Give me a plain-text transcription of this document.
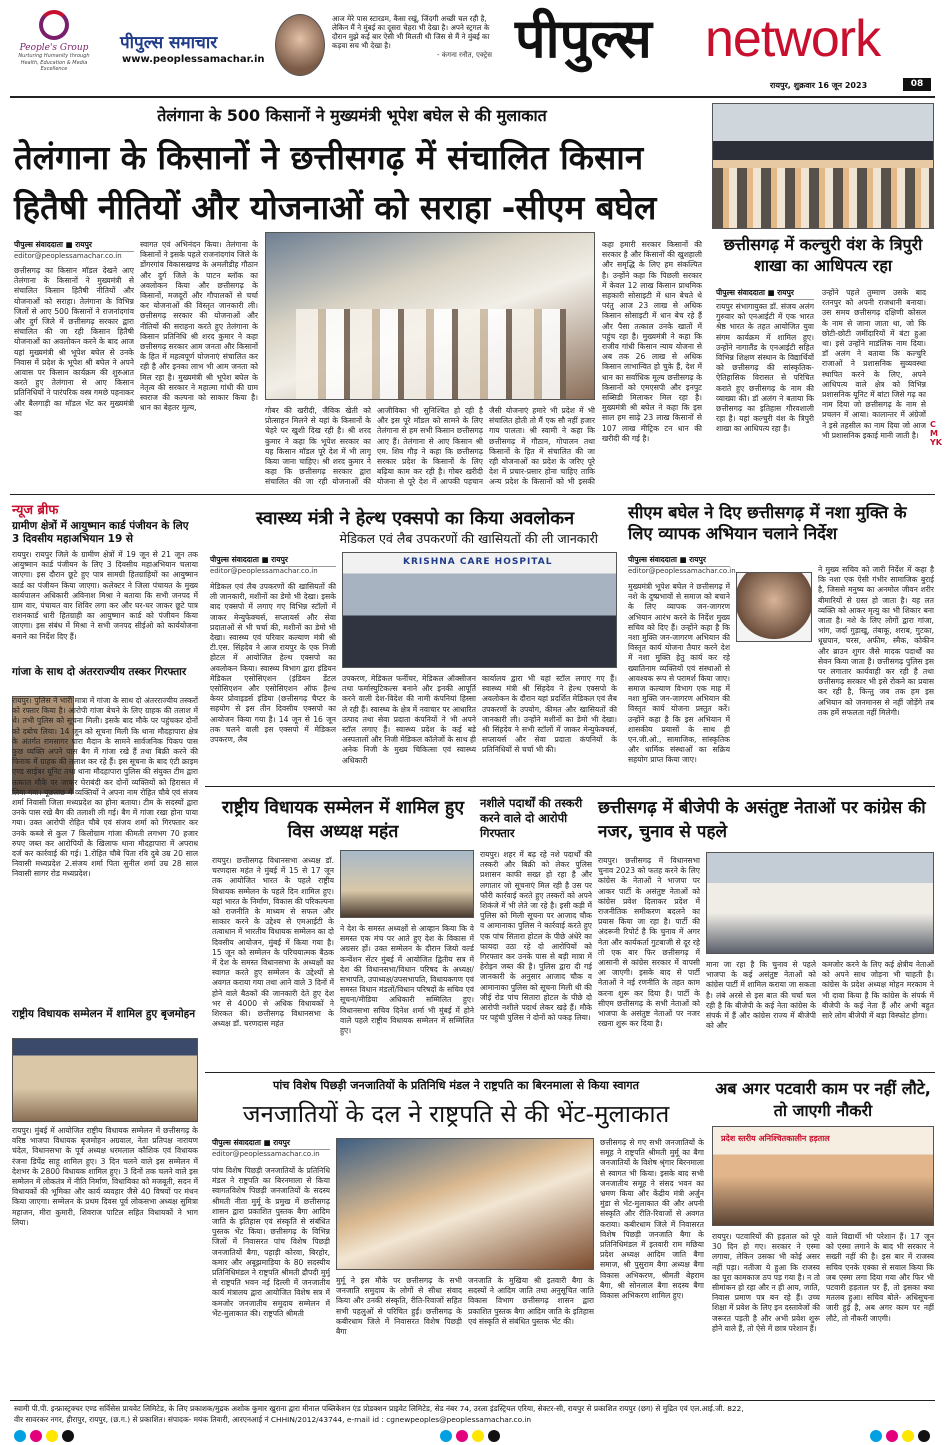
People's Group
Nurturing Humanity through Health, Education & Media Excellence
पीपुल्स समाचार
www.peoplessamachar.in
आज मेरे पास स्टारडम, कैसा रखूं, जिंदगी अच्छी चल रही है, लेकिन मैं ने मुंबई का दूसरा चेहरा भी देखा है। अपने स्ट्रगल के दौरान मुझे कई बार ऐसी भी मिलती थी जिस से मैं ने मुंबई का कड़वा सच भी देखा है।
- कंगना रनौत, एक्ट्रेस पीपुल्स network
रायपुर, शुक्रवार 16 जून 2023	08
तेलंगाना के 500 किसानों ने मुख्यमंत्री भूपेश बघेल से की मुलाकात
तेलंगाना के किसानों ने छत्तीसगढ़ में संचालित किसान
हितैषी नीतियों और योजनाओं को सराहा -सीएम बघेल
पीपुल्स संवाददाता ■ रायपुर
editor@peoplessamachar.co.in
छत्तीसगढ़ का किसान मॉडल देखने आए तेलंगाना के किसानों ने मुख्यमंत्री से संचालित किसान हितैषी नीतियों और योजनाओं को सराहा। तेलंगाना के विभिन्न जिलों से आए 500 किसानों ने राजनांदगांव और दुर्ग जिले में छत्तीसगढ़ सरकार द्वारा संचालित की जा रही किसान हितैषी योजनाओं का अवलोकन करने के बाद आज यहां मुख्यमंत्री श्री भूपेश बघेल से उनके निवास में प्रदेश के भूपेश श्री बघेल ने अपने आवास पर किसान कार्यक्रम की शुरुआत करते हुए तेलंगाना से आए किसान प्रतिनिधियों ने पारंपरिक वस्त्र गमछे पहनाकर और बैलगाड़ी का मॉडल भेंट कर मुख्यमंत्री का
स्वागत एवं अभिनंदन किया। तेलंगाना के किसानों ने इसके पहले राजनांदगांव जिले के डोंगरगांव विकासखण्ड के अमलीडीह गौठान और दुर्ग जिले के पाटन ब्लॉक का अवलोकन किया और छत्तीसगढ़ के किसानों, मजदूरों और गौपालकों से चर्चा कर योजनाओं की विस्तृत जानकारी ली। छत्तीसगढ़ सरकार की योजनाओं और नीतियों की सराहना करते हुए तेलंगाना के किसान प्रतिनिधि श्री शरद कुमार ने कहा छत्तीसगढ़ सरकार आम जनता और किसानों के हित में महत्वपूर्ण योजनाएं संचालित कर रही है और इनका लाभ भी आम जनता को मिल रहा है। मुख्यमंत्री श्री भूपेश बघेल के नेतृत्व की सरकार ने महात्मा गांधी की ग्राम स्वराज की कल्पना को साकार किया है। धान का बेहतर मूल्य,	गोबर की खरीदी, जैविक खेती को प्रोत्साहन मिलने से यहां के किसानों के चेहरे पर खुशी दिख रही है। श्री शरद कुमार ने कहा कि भूपेश सरकार का यह किसान मॉडल पूरे देश में भी लागू किया जाना चाहिए। श्री शरद कुमार ने कहा कि छत्तीसगढ़ सरकार द्वारा संचालित की जा रही योजनाओं की
आजीविका भी सुनिश्चित हो रही है और इस पूरे मॉडल को सामने के लिए तेलंगाना से हम सभी किसान छत्तीसगढ़ आए हैं। तेलंगाना से आए किसान श्री एम. शिव गौड़ ने कहा कि छत्तीसगढ़ सरकार प्रदेश के किसानों के लिए बढ़िया काम कर रही है। गोबर खरीदी योजना से पूरे देश में आपकी पहचान
जैसी योजनाएं हमारे भी प्रदेश में भी संचालित होती तो मैं एक सौ नहीं हजार गाय पालता। श्री स्वामी ने कहा कि छत्तीसगढ़ में गौठान, गोपालन तथा किसानों के हित में संचालित की जा रही योजनाओं का प्रदेश के जरिए पूरे देश में प्रचार-प्रसार होना चाहिए ताकि अन्य प्रदेश के किसानों को भी इसकी
कहा हमारी सरकार किसानों की सरकार है और किसानों की खुशहाली और समृद्धि के लिए हम संकल्पित है। उन्होंने कहा कि पिछली सरकार में केवल 12 लाख किसान प्राथमिक सहकारी सोसाइटी में धान बेचते थे परंतु आज 23 लाख से अधिक किसान सोसाइटी में धान बेच रहे हैं और पैसा तत्काल उनके खातों में पहुंच रहा है। मुख्यमंत्री ने कहा कि राजीव गांधी किसान न्याय योजना से अब तक 26 लाख से अधिक किसान लाभान्वित हो चुके हैं, देश में धान का सर्वाधिक मूल्य छत्तीसगढ़ के किसानों को एमएसपी और इनपुट सब्सिडी मिलाकर मिल रहा है। मुख्यमंत्री श्री बघेल ने कहा कि इस साल हम साढ़े 23 लाख किसानों से 107 लाख मीट्रिक टन धान की खरीदी की गई है।
छत्तीसगढ़ में कल्चुरी वंश के त्रिपुरी शाखा का आधिपत्य रहा
पीपुल्स संवाददाता ■ रायपुर
रायपुर संभागायुक्त डॉ. संजय अलंग गुरुवार को एनआईटी में एक भारत श्रेष्ठ भारत के तहत आयोजित युवा संगम कार्यक्रम में शामिल हुए। उन्होंने नागालैंड के एनआईटी सहित विभिन्न शिक्षण संस्थान के विद्यार्थियों को छत्तीसगढ़ की सांस्कृतिक-ऐतिहासिक विरासत से परिचित कराते हुए छत्तीसगढ़ के नाम की व्याख्या की। डॉ अलंग ने बताया कि छत्तीसगढ़ का इतिहास गौरवशाली रहा है। यहां कल्चुरी वंश के त्रिपुरी शाखा का आधिपत्य रहा है।
उन्होंने पहले तुम्माण उसके बाद रतनपुर को अपनी राजधानी बनाया। उस समय छत्तीसगढ़ दक्षिणी कोसल के नाम से जाना जाता था, जो कि छोटी-छोटी जमींदारियों में बंटा हुआ था। इसे उन्होंने माडंलिक नाम दिया। डॉ अलंग ने बताया कि कल्चुरि राजाओं ने प्रशासनिक सुव्यवस्था स्थापित करने के लिए, अपने आधिपत्य वाले क्षेत्र को विभिन्न प्रशासनिक यूनिट में बांटा जिसे गढ़ का नाम दिया जो छत्तीसगढ़ के नाम से प्रचलन में आया। कालान्तर में अंग्रेजों ने इसे तहसील का नाम दिया जो आज भी प्रशासनिक इकाई मानी जाती है।
न्यूज ब्रीफ
ग्रामीण क्षेत्रों में आयुष्मान कार्ड पंजीयन के लिए 3 दिवसीय महाअभियान 19 से
रायपुर। रायपुर जिले के ग्रामीण क्षेत्रों में 19 जून से 21 जून तक आयुष्मान कार्ड पंजीयन के लिए 3 दिवसीय महाअभियान चलाया जाएगा। इस दौरान छूटे हुए पात्र सामग्री हितग्राहियों का आयुष्मान कार्ड का पंजीयन किया जाएगा। कलेक्टर ने जिला पंचायत के मुख्य कार्यपालन अधिकारी अविनाश मिश्रा ने बताया कि सभी जनपद में ग्राम वार, पंचायत वार शिविर लगा कर और घर-घर जाकर छूटे पात्र राशनकार्ड धारी हितग्राही का आयुष्मान कार्ड को पंजीयन किया जाएगा। इस संबंध में मिश्रा ने सभी जनपद सीईओ को कार्ययोजना बनाने का निर्देश दिए हैं।
गांजा के साथ दो अंतरराज्यीय तस्कर गिरफ्तार
रायपुर। पुलिस ने भारी मात्रा में गांजा के साथ दो अंतरराज्यीय तस्करों को रफ्तार किया है। आरोपी गांजा बेचने के लिए ग्राहक की तलाश में थे। तभी पुलिस को सूचना मिली। इसके बाद मौके पर पहुंचकर दोनों को दबोच लिया। 14 जून को सूचना मिली कि थाना मौदहापारा क्षेत्र के अंतर्गत रामसागर पारा मैदान के सामने सार्वजनिक पिकप पास कुछ व्यक्ति अपने पास बैग में गांजा रखे हैं तथा बिक्री करने की फिराक में ग्राहक की तलाश कर रहे हैं। इस सूचना के बाद एंटी क्राइम एण्ड साईबर यूनिट तथा थाना मौदहापारा पुलिस की संयुक्त टीम द्वारा तत्काल मौके पर जाकर घेराबंदी कर दोनों व्यक्तियों को हिरासत में लिया गया। पूछताछ में व्यक्तियों ने अपना नाम रोहित चौबे एवं संजय शर्मा निवासी जिला मध्यप्रदेश का होना बताया। टीम के सदस्यों द्वारा उनके पास रखे बैग की तलाशी ली गई। बैग में गांजा रखा होना पाया गया। उक्त आरोपी रोहित चौबे एवं संजय शर्मा को गिरफ्तार कर उनके कब्जे से कुल 7 किलोग्राम गांजा कीमती लगभग 70 हजार रुपए जब्त कर आरोपियों के खिलाफ थाना मौदहापारा में अपराध दर्ज कर कार्रवाई की गई। 1.रोहित चौबे पिता रवि दुबे उम्र 20 साल निवासी मध्यप्रदेश 2.संजय शर्मा पिता सुनील शर्मा उम्र 28 साल निवासी सागर रोड मध्यप्रदेश।
राष्ट्रीय विधायक सम्मेलन में शामिल हुए बृजमोहन
रायपुर। मुंबई में आयोजित राष्ट्रीय विधायक सम्मेलन में छत्तीसगढ़ के वरिष्ठ भाजपा विधायक बृजमोहन अग्रवाल, नेता प्रतिपक्ष नारायण चंदेल, विधानसभा के पूर्व अध्यक्ष धरमलाल कौशिक एवं विधायक रंजना डिपेंद्र साहू शामिल हुए। 3 दिन चलने वाले इस सम्मेलन में देशभर के 2800 विधायक शामिल हुए। 3 दिनों तक चलने वाले इस सम्मेलन में लोकतंत्र में नीति निर्माण, विधायिका को मजबूती, सदन में विधायकों की भूमिका और कार्य व्यवहार जैसे 40 विषयों पर मंथन किया जाएगा। सम्मेलन के प्रथम दिवस पूर्व लोकसभा अध्यक्ष सुमित्रा महाजन, मीरा कुमारी, शिवराज पाटिल सहित विधायकों ने भाग लिया।
स्वास्थ्य मंत्री ने हेल्थ एक्सपो का किया अवलोकन
मेडिकल एवं लैब उपकरणों की खासियतों की ली जानकारी
पीपुल्स संवाददाता ■ रायपुर
editor@peoplessamachar.co.in
मेडिकल एवं लैब उपकरणों की खासियतों की ली जानकारी, मशीनों का डेमो भी देखा। इसके बाद एक्सपो में लगाए गए विभिन्न स्टॉलों में जाकर मेन्युफेक्चर्स, सप्लायर्स और सेवा प्रदाताओं से भी चर्चा की, मशीनों का डेमो भी देखा। स्वास्थ्य एवं परिवार कल्याण मंत्री श्री टी.एस. सिंहदेव ने आज रायपुर के एक निजी होटल में आयोजित हेल्थ एक्सपो का अवलोकन किया। स्वास्थ्य विभाग द्वारा इंडियन मेडिकल एसोसिएशन (इंडियन डेंटल एसोसिएशन और एसोसिएशन ऑफ हैल्थ केयर प्रोवाइडर्स इंडिया (छत्तीसगढ़ चैप्टर के सहयोग से इस तीन दिवसीय एक्सपो का आयोजन किया गया है। 14 जून से 16 जून तक चलने वाली इस एक्सपो में मेडिकल उपकरण, लैब
KRISHNA CARE HOSPITAL
उपकरण, मेडिकल फर्नीचर, मेडिकल ऑक्सीजन तथा फर्मास्युटिकल्स बनाने और इनकी आपूर्ति करने वाली देश-विदेश की नामी कंपनियां हिस्सा ले रही हैं। स्वास्थ्य के क्षेत्र में नवाचार पर आधारित उत्पाद तथा सेवा प्रदाता कंपनियों ने भी अपने स्टॉल लगाए हैं। स्वास्थ्य प्रदेश के कई बड़े अस्पतालों और निजी मेडिकल कॉलेजों के साथ ही अनेक निजी के मुख्य चिकित्सा एवं स्वास्थ्य अधिकारी
कार्यालय द्वारा भी यहां स्टॉल लगाए गए हैं। स्वास्थ्य मंत्री श्री सिंहदेव ने हेल्थ एक्सपो के अवलोकन के दौरान यहां प्रदर्शित मेडिकल एवं लैब उपकरणों के उपयोग, कीमत और खासियतों की जानकारी ली। उन्होंने मशीनों का डेमो भी देखा। श्री सिंहदेव ने सभी स्टॉलों में जाकर मेन्युफेक्चर्स, सप्लायर्स और सेवा प्रदाता कंपनियों के प्रतिनिधियों से चर्चा भी की।
सीएम बघेल ने दिए छत्तीसगढ़ में नशा मुक्ति के लिए व्यापक अभियान चलाने निर्देश
पीपुल्स संवाददाता ■ रायपुर
editor@peoplessamachar.co.in
मुख्यमंत्री भूपेश बघेल ने छत्तीसगढ़ में नशे के दुष्प्रभावों से समाज को बचाने के लिए व्यापक जन-जागरण अभियान आरंभ करने के निर्देश मुख्य सचिव को दिए हैं। उन्होंने कहा है कि नशा मुक्ति जन-जागरण अभियान की विस्तृत कार्य योजना तैयार करने देश में नशा मुक्ति हेतु कार्य कर रहे ख्यातिनाम व्यक्तियों एवं संस्थाओं से आवश्यक रूप से परामर्श किया जाए। समाज कल्याण विभाग एक माह में नशा मुक्ति जन-जागरण अभियान की विस्तृत कार्य योजना प्रस्तुत करें। उन्होंने कहा है कि इस अभियान में शासकीय प्रयासों के साथ ही एन.जी.ओ., सामाजिक, सांस्कृतिक और धार्मिक संस्थाओं का सक्रिय सहयोग प्राप्त किया जाए।
ने मुख्य सचिव को जारी निर्देश में कहा है कि नशा एक ऐसी गंभीर सामाजिक बुराई है, जिससे मनुष्य का अनमोल जीवन शरीर बीमारियों से ग्रस्त हो जाता है। यह लत व्यक्ति को आकर मृत्यु का भी शिकार बना जाता है। नशे के लिए लोगों द्वारा गांजा, भांग, जर्दा गुड़ाखू, तंबाकू, शराब, गुटका, धूम्रपान, चरस, अफीम, स्मैक, कोकीन और ब्राउन शुगर जैसे मादक पदार्थों का सेवन किया जाता है। छत्तीसगढ़ पुलिस इस पर लगातार कार्यवाही कर रही है तथा छत्तीसगढ़ सरकार भी इसे रोकने का प्रयास कर रही है, किन्तु जब तक हम इस अभियान को जनमानस से नहीं जोड़ेंगे तब तक हमें सफलता नहीं मिलेगी।
राष्ट्रीय विधायक सम्मेलन में शामिल हुए विस अध्यक्ष महंत
रायपुर। छत्तीसगढ़ विधानसभा अध्यक्ष डॉ. चरणदास महंत ने मुंबई में 15 से 17 जून तक आयोजित भारत के पहले राष्ट्रीय विधायक सम्मेलन के पहले दिन शामिल हुए। यहां भारत के निर्माण, विकास की परिकल्पना को राजनीति के माध्यम से सफल और साकार करने के उद्देश्य से एमआईटी के तत्वाधान में भारतीय विधायक सम्मेलन का दो दिवसीय आयोजन, मुंबई में किया गया है। 15 जून को सम्मेलन के परिचयात्मक बैठक में देश के समस्त विधानसभा के अध्यक्षों का स्वागत करते हुए सम्मेलन के उद्देश्यों से अवगत कराया गया तथा आने वाले 3 दिनों में होने वाले बैठकों की जानकारी देते हुए देश भर से 4000 से अधिक विधायकों ने शिरकत की। छत्तीसगढ़ विधानसभा के अध्यक्ष डॉ. चरणदास महंत
ने देश के समस्त अध्यक्षों से आव्हान किया कि वे समस्त एक मंच पर आते हुए देश के विकास में अग्रसर हों। उक्त सम्मेलन के दौरान जियो वर्ल्ड कन्वेंशन सेंटर मुंबई में आयोजित द्वितीय सत्र में देश की विधानसभा/विधान परिषद के अध्यक्ष/सभापति, उपाध्यक्ष/उपसभापति, विधायकगण एवं समस्त विधान मंडलों/विधान परिषदों के सचिव एवं सूचना/मीडिया अधिकारी सम्मिलित हुए। विधानसभा सचिव दिनेश शर्मा भी मुंबई में होने वाले पहले राष्ट्रीय विधायक सम्मेलन में सम्मिलित हुए।
नशीले पदार्थों की तस्करी करने वाले दो आरोपी गिरफ्तार
रायपुर। शहर में बढ़ रहे नशे पदार्थों की तस्करी और बिक्री को लेकर पुलिस प्रशासन काफी सख्त हो रहा है और लगातार जो सूचनाएं मिल रही है उस पर फौरी कार्रवाई करते हुए तस्करों को अपने शिकंजे में भी लेते जा रहे है। इसी कड़ी में पुलिस को मिली सूचना पर आजाद चौक व आमानाका पुलिस ने कार्रवाई करते हुए एक पांच सितारा होटल के पीछे अंधेरे का फायदा उठा रहे दो आरोपियों को गिरफ्तार कर उनके पास से बड़ी मात्रा में हेरोइन जब्त की है। पुलिस द्वारा दी गई जानकारी के अनुसार आजाद चौक व आमानाका पुलिस को सूचना मिली थी की जीई रोड पांच सितारा होटल के पीछे दो आरोपी नशीले पदार्थ लेकर खड़े हैं। मौके पर पहुंची पुलिस ने दोनों को पकड़ लिया।
छत्तीसगढ़ में बीजेपी के असंतुष्ट नेताओं पर कांग्रेस की नजर, चुनाव से पहले
रायपुर। छत्तीसगढ़ में विधानसभा चुनाव 2023 को फतह करने के लिए कांग्रेस के नेताओं ने भाजपा पर आकर पार्टी के असंतुष्ट नेताओं को कांग्रेस प्रवेश दिलाकर प्रदेश में राजनीतिक समीकरण बदलने का प्रयास किया जा रहा है। पार्टी की अंदरूनी रिपोर्ट है कि चुनाव में अगर नेता और कार्यकर्ता गुटबाजी से दूर रहे तो एक बार फिर छत्तीसगढ़ में आसानी से कांग्रेस सरकार में वापसी आ जाएगी। इसके बाद से पार्टी नेताओं ने नई रणनीति के तहत काम करना शुरू कर दिया है। पार्टी के सीएम छत्तीसगढ़ के सभी नेताओं को भाजपा के असंतुष्ट नेताओं पर नजर रखना शुरू कर दिया है।
माना जा रहा है कि चुनाव से पहले भाजपा के कई असंतुष्ट नेताओं को कांग्रेस पार्टी में शामिल कराया जा सकता है। लंबे अरसे से इस बात की चर्चा चल रही है कि बीजेपी के कई नेता कांग्रेस के संपर्क में हैं और कांग्रेस राज्य में बीजेपी को और
कमजोर करने के लिए कई क्षेत्रीय नेताओं को अपने साथ जोड़ना भी चाहती है। कांग्रेस के प्रदेश अध्यक्ष मोहन मरकाम ने भी दावा किया है कि कांग्रेस के संपर्क में बीजेपी के कई नेता हैं और अभी बहुत सारे लोग बीजेपी में बड़ा विस्फोट होगा।
पांच विशेष पिछड़ी जनजातियों के प्रतिनिधि मंडल ने राष्ट्रपति का बिरनमाला से किया स्वागत
जनजातियों के दल ने राष्ट्रपति से की भेंट-मुलाकात
पीपुल्स संवाददाता ■ रायपुर
editor@peoplessamachar.co.in
पांच विशेष पिछड़ी जनजातियों के प्रतिनिधि मंडल ने राष्ट्रपति का बिरनमाला से किया स्वागतविशेष पिछड़ी जनजातियों के सदस्य श्रीमती नीता मुर्मू के प्रमुख में छत्तीसगढ़ शासन द्वारा प्रकाशित पुस्तक बैगा आदिम जाति के इतिहास एवं संस्कृति से संबंधित पुस्तक भेंट किया। छत्तीसगढ़ के विभिन्न जिलों में निवासरत पांच विशेष पिछड़ी जनजातियों बैगा, पहाड़ी कोरवा, बिरहोर, कमार और अबूझमाड़िया के 80 सदस्यीय प्रतिनिधिमंडल ने राष्ट्रपति श्रीमती द्रौपदी मुर्मू से राष्ट्रपति भवन नई दिल्ली में जनजातीय कार्य मंत्रालय द्वारा आयोजित विशेष सत्र में कमजोर जनजातीय समुदाय सम्मेलन में भेंट-मुलाकात की। राष्ट्रपति श्रीमती
मुर्मू ने इस मौके पर छत्तीसगढ़ के सभी जनजाति समुदाय के लोगों से सीधा संवाद किया और उनकी संस्कृति, रीति-रिवाजों सहित सभी पहलुओं से परिचित हुईं। छत्तीसगढ़ के कबीरधाम जिले में निवासरत विशेष पिछड़ी बैगा
जनजाति के मुखिया श्री इतवारी बैगा के सदस्यों ने आदिम जाति तथा अनुसूचित जाति विकास विभाग छत्तीसगढ़ शासन द्वारा प्रकाशित पुस्तक बैगा आदिम जाति के इतिहास एवं संस्कृति से संबंधित पुस्तक भेंट की।
छत्तीसगढ़ से गए सभी जनजातियों के समूह ने राष्ट्रपति श्रीमती मुर्मू का बैगा जनजातियों के विशेष श्रृंगार बिरनमाला से स्वागत भी किया। इसके बाद सभी जनजातीय समूह ने संसद भवन का भ्रमण किया और केंद्रीय मंत्री अर्जुन मुंडा से भेंट-मुलाकात की और अपनी संस्कृति और रीति-रिवाजों से अवगत कराया। कबीरधाम जिले में निवासरत विशेष पिछड़ी जनजाति बैगा के प्रतिनिधिमंडल में इतवारी राम मछिया प्रदेश अध्यक्ष आदिम जाति बैगा समाज, श्री पुसुराम बैगा अध्यक्ष बैगा विकास अभिकरण, श्रीमती बेहराम बैगा, श्री सोनलाल बैगा सदस्य बैगा विकास अभिकरण शामिल हुए।
अब अगर पटवारी काम पर नहीं लौटे, तो जाएगी नौकरी
प्रदेश स्तरीय अनिश्चितकालीन हड़ताल
रायपुर। पटवारियों की हड़ताल को पूरे 30 दिन हो गए। सरकार ने एस्मा लगाया, लेकिन उसका भी कोई असर नहीं पड़ा। नतीजा ये हुआ कि राजस्व का पूरा कामकाज ठप पड़ गया है। न तो सीमांकन हो रहा और न ही आय, जाति, निवास प्रमाण पत्र बन रहे हैं। उच्च शिक्षा में प्रवेश के लिए इन दस्तावेजों की जरूरत पड़ती है और अभी प्रवेश शुरू होने वाले हैं, तो ऐसे में छात्र परेशान हैं।
वाले विद्यार्थी भी परेशान हैं। 17 जून को एस्मा लगाने के बाद भी सरकार ने सख्ती नहीं की है। इस बार में राजस्व सचिव एनके एक्का से सवाल किया कि जब एस्मा लगा दिया गया और फिर भी पटवारी हड़ताल पर हैं, तो इसका क्या मतलब हुआ। सचिव बोले- अधिसूचना जारी हुई है, अब अगर काम पर नहीं लौटे, तो नौकरी जाएगी।
स्वामी पी.पी. इन्फ्रास्ट्रक्चर एण्ड सर्विसेस प्रायवेट लिमिटेड, के लिए प्रकाशक/मुद्रक अशोक कुमार खुराना द्वारा मीनाल पब्लिकेशन एंड प्रोडक्शन प्राइवेट लिमिटेड, सेड नंबर 74, उरला इंडस्ट्रियल एरिया, सेक्टर-सी, रायपुर से प्रकाशित रायपुर (छग) से मुद्रित एवं एल.आई.जी. 822,
वीर सावरकर नगर, हीरापुर, रायपुर, (छ.ग.) से प्रकाशित। संपादक- मयंक तिवारी, आरएनआई नं CHHIN/2012/43744, e-mail id : cgnewpeoples@peoplessamachar.co.in
CMYK
